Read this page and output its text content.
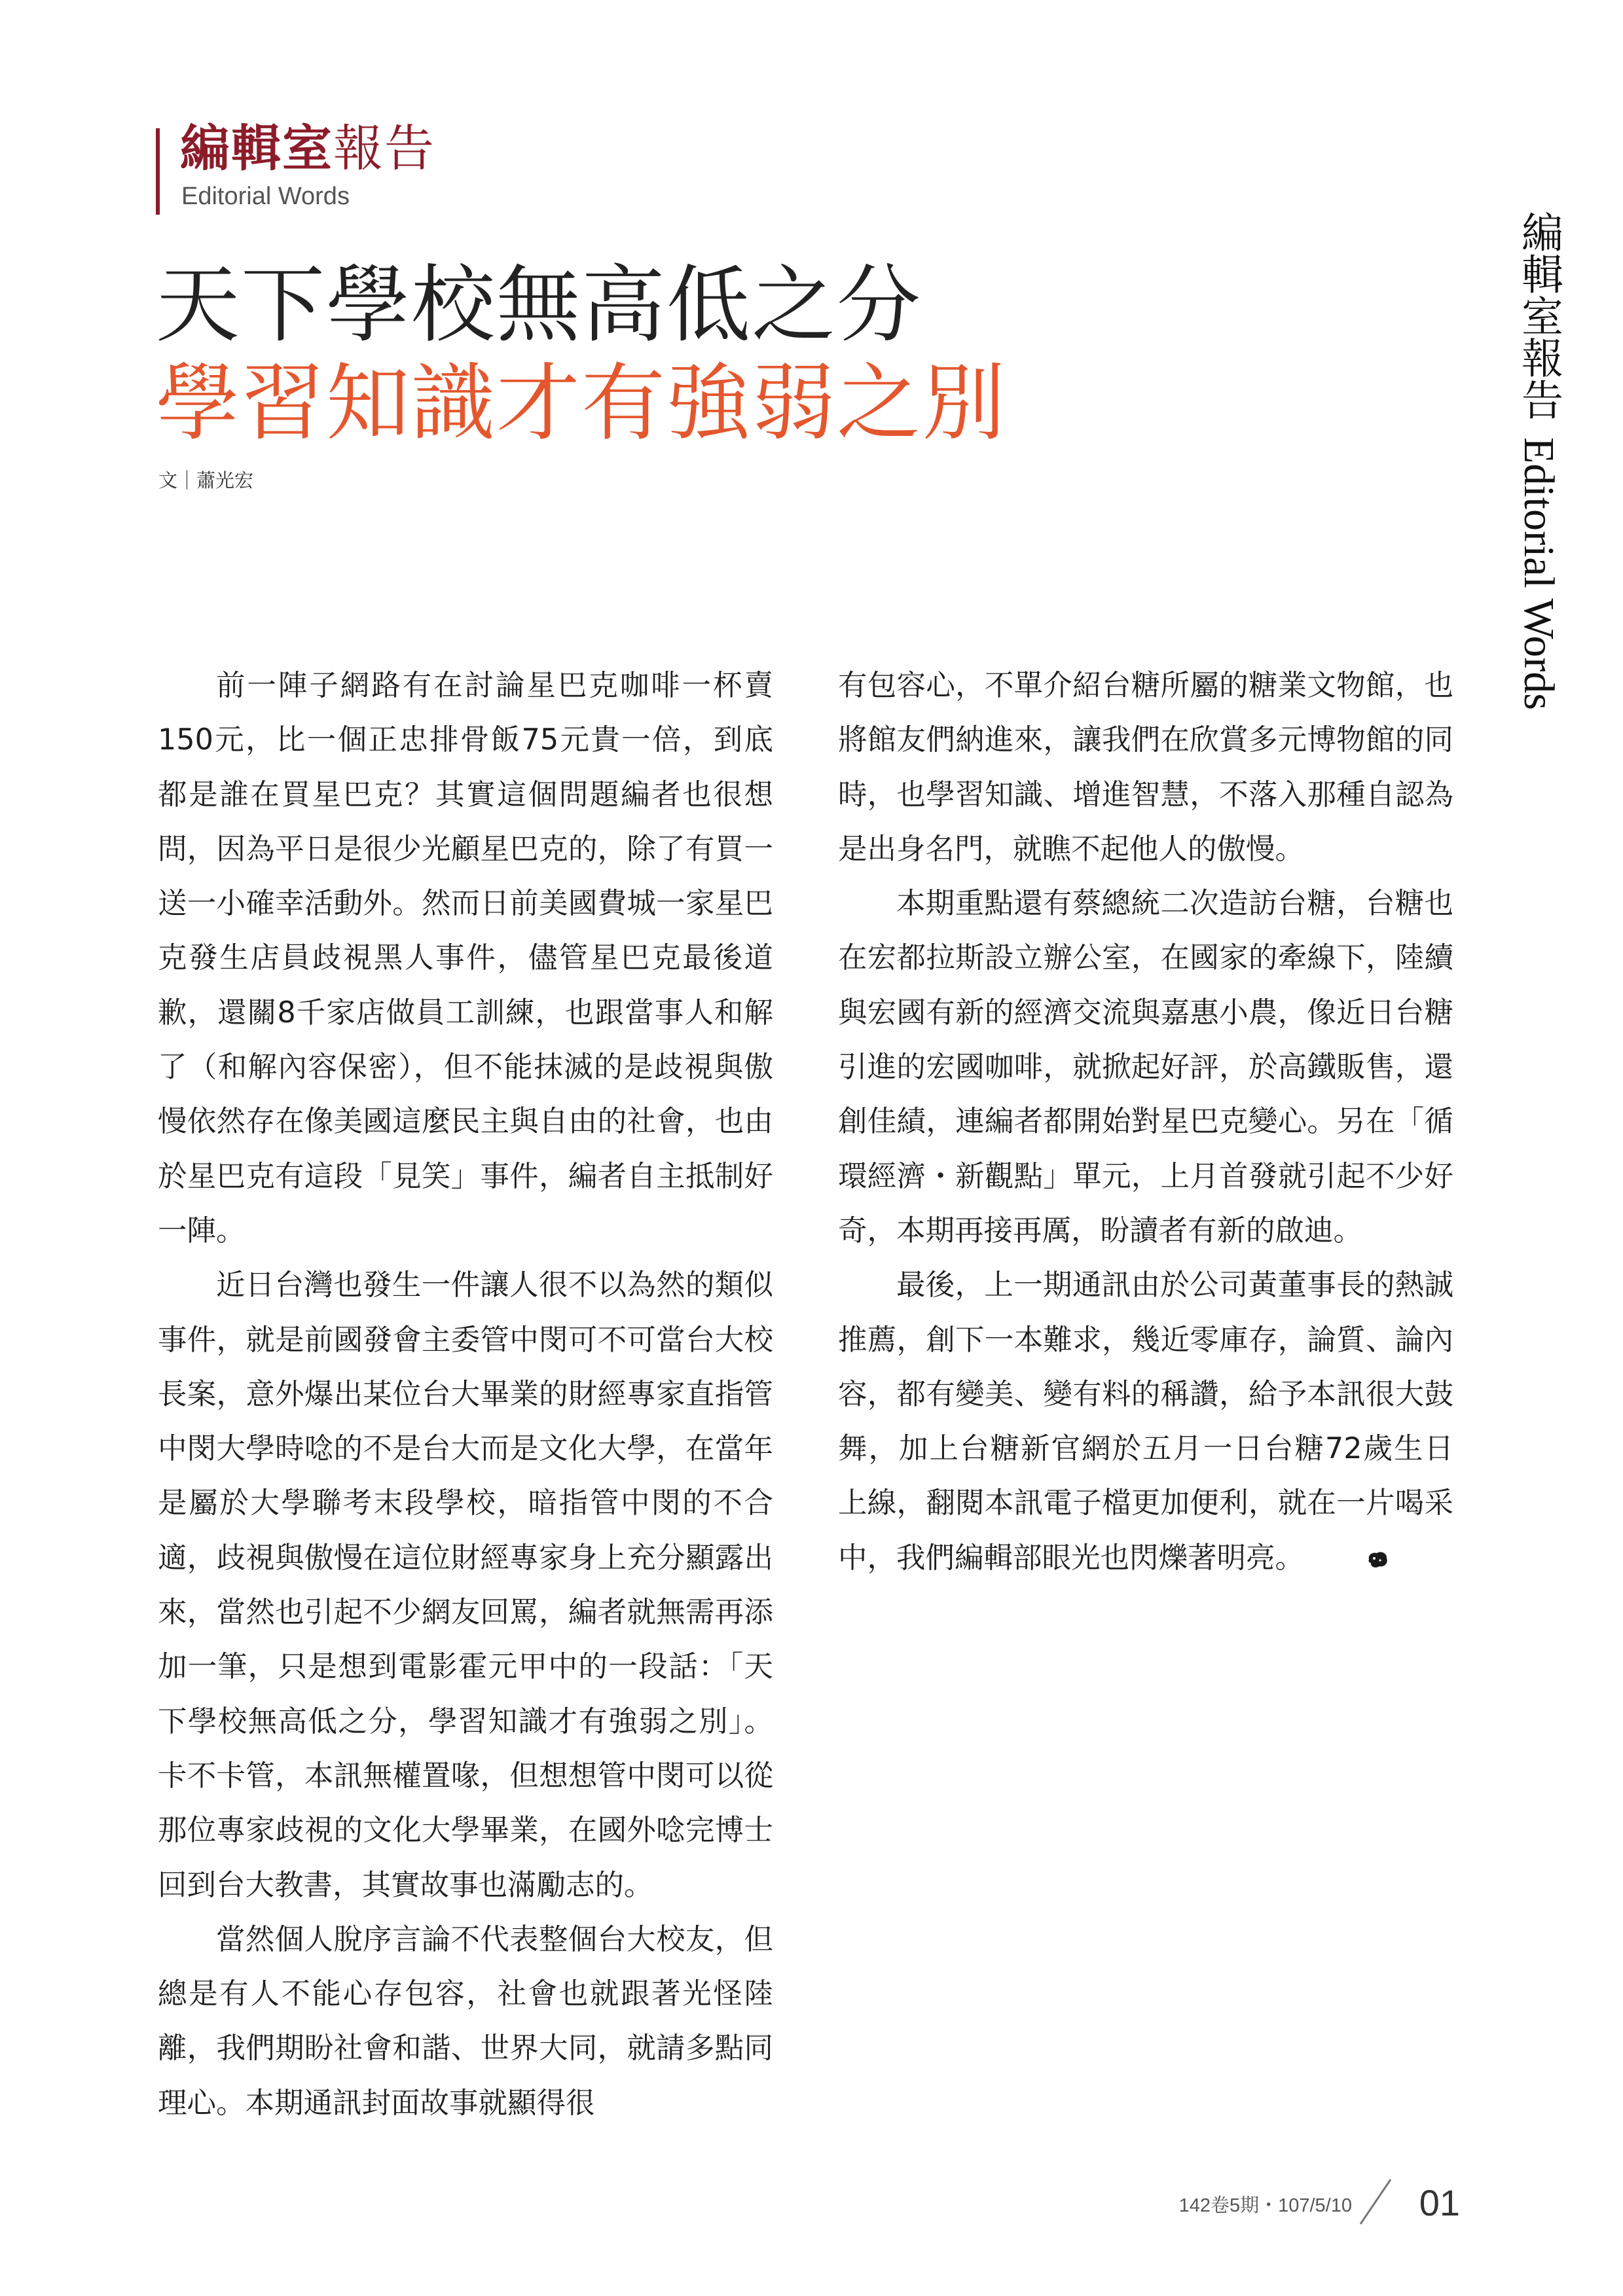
編輯室報告
Editorial Words
編輯室報告Editorial Words
天下學校無高低之分
學習知識才有強弱之別
文｜蕭光宏

前一陣子網路有在討論星巴克咖啡一杯賣150元，比一個正忠排骨飯75元貴一倍，到底都是誰在買星巴克？其實這個問題編者也很想問，因為平日是很少光顧星巴克的，除了有買一送一小確幸活動外。然而日前美國費城一家星巴克發生店員歧視黑人事件，儘管星巴克最後道歉，還關8千家店做員工訓練，也跟當事人和解了（和解內容保密），但不能抹滅的是歧視與傲慢依然存在像美國這麼民主與自由的社會，也由於星巴克有這段「見笑」事件，編者自主抵制好一陣。

近日台灣也發生一件讓人很不以為然的類似事件，就是前國發會主委管中閔可不可當台大校長案，意外爆出某位台大畢業的財經專家直指管中閔大學時唸的不是台大而是文化大學，在當年是屬於大學聯考末段學校，暗指管中閔的不合適，歧視與傲慢在這位財經專家身上充分顯露出來，當然也引起不少網友回罵，編者就無需再添加一筆，只是想到電影霍元甲中的一段話：「天下學校無高低之分，學習知識才有強弱之別」。卡不卡管，本訊無權置喙，但想想管中閔可以從那位專家歧視的文化大學畢業，在國外唸完博士回到台大教書，其實故事也滿勵志的。

當然個人脫序言論不代表整個台大校友，但總是有人不能心存包容，社會也就跟著光怪陸離，我們期盼社會和諧、世界大同，就請多點同理心。本期通訊封面故事就顯得很

有包容心，不單介紹台糖所屬的糖業文物館，也將館友們納進來，讓我們在欣賞多元博物館的同時，也學習知識、增進智慧，不落入那種自認為是出身名門，就瞧不起他人的傲慢。

本期重點還有蔡總統二次造訪台糖，台糖也在宏都拉斯設立辦公室，在國家的牽線下，陸續與宏國有新的經濟交流與嘉惠小農，像近日台糖引進的宏國咖啡，就掀起好評，於高鐵販售，還創佳績，連編者都開始對星巴克變心。另在「循環經濟・新觀點」單元，上月首發就引起不少好奇，本期再接再厲，盼讀者有新的啟迪。

最後，上一期通訊由於公司黃董事長的熱誠推薦，創下一本難求，幾近零庫存，論質、論內容，都有變美、變有料的稱讚，給予本訊很大鼓舞，加上台糖新官網於五月一日台糖72歲生日上線，翻閱本訊電子檔更加便利，就在一片喝采中，我們編輯部眼光也閃爍著明亮。

142卷5期・107/5/10 01
